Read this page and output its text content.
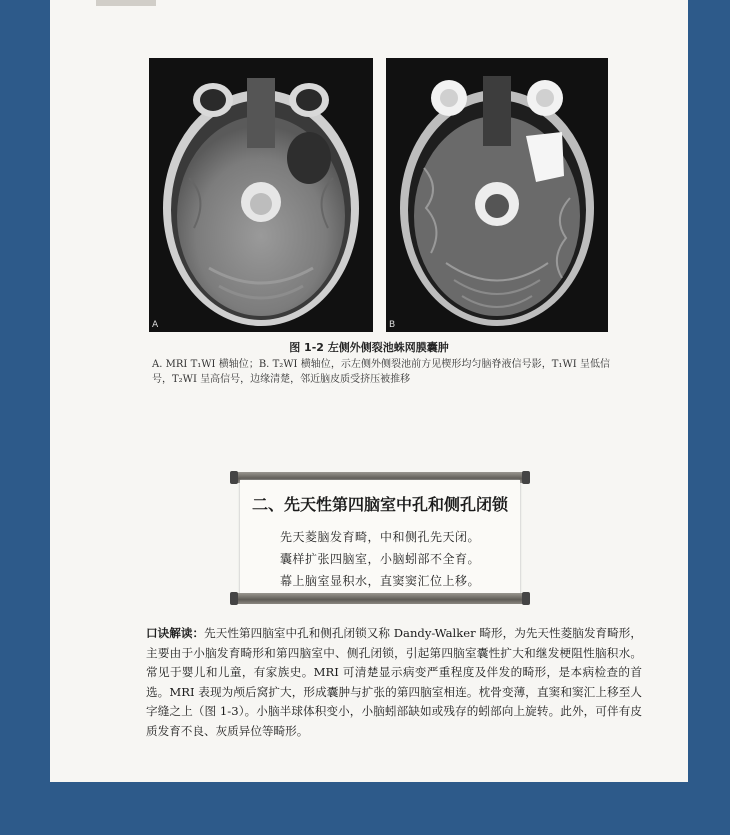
A	B
图 1-2 左侧外侧裂池蛛网膜囊肿
A. MRI T₁WI 横轴位；B. T₂WI 横轴位，示左侧外侧裂池前方见楔形均匀脑脊液信号影，T₁WI 呈低信号，T₂WI 呈高信号，边缘清楚，邻近脑皮质受挤压被推移
二、先天性第四脑室中孔和侧孔闭锁
先天菱脑发育畸，中和侧孔先天闭。
囊样扩张四脑室，小脑蚓部不全育。
幕上脑室显积水，直窦窦汇位上移。
口诀解读：先天性第四脑室中孔和侧孔闭锁又称 Dandy-Walker 畸形，为先天性菱脑发育畸形，主要由于小脑发育畸形和第四脑室中、侧孔闭锁，引起第四脑室囊性扩大和继发梗阻性脑积水。常见于婴儿和儿童，有家族史。MRI 可清楚显示病变严重程度及伴发的畸形，是本病检查的首选。MRI 表现为颅后窝扩大，形成囊肿与扩张的第四脑室相连。枕骨变薄，直窦和窦汇上移至人字缝之上（图 1-3）。小脑半球体积变小，小脑蚓部缺如或残存的蚓部向上旋转。此外，可伴有皮质发育不良、灰质异位等畸形。
